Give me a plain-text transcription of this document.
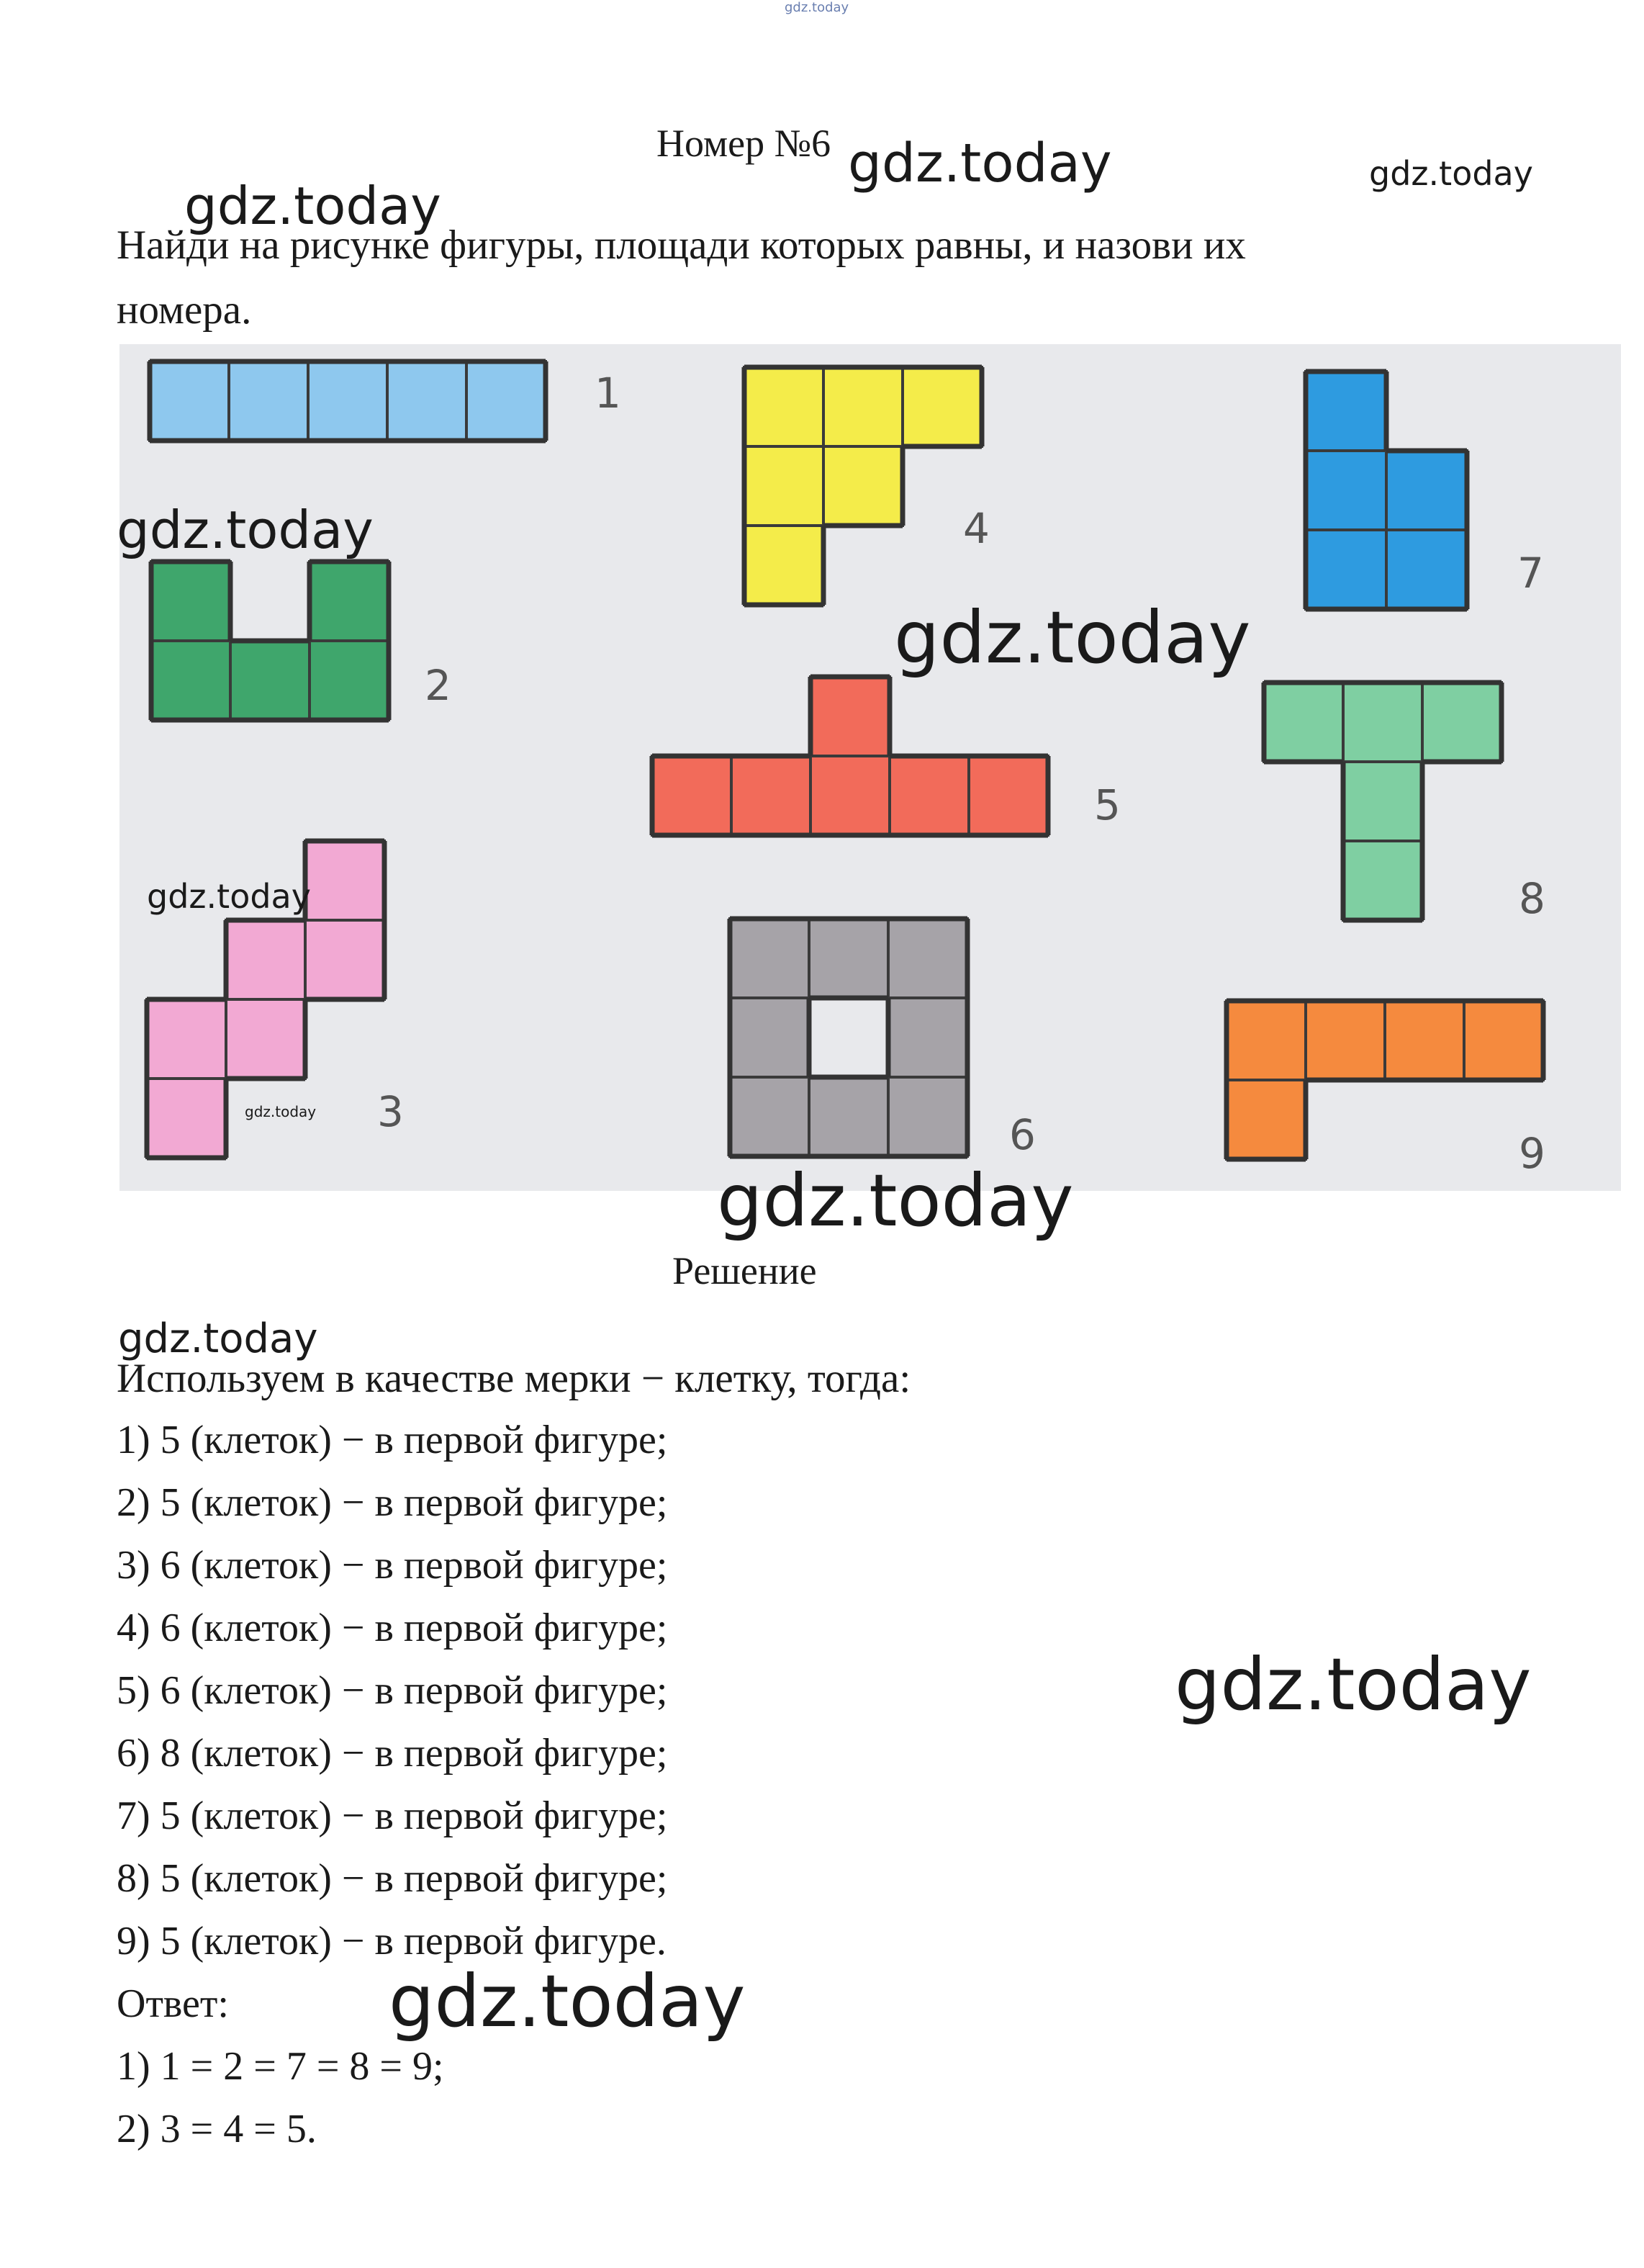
gdz.today
Номер №6
Найди на рисунке фигуры, площади которых равны, и назови их
номера.
1
2
3
4
5
6
7
8
9
Решение
Используем в качестве мерки − клетку, тогда:
1) 5 (клеток) − в первой фигуре;
2) 5 (клеток) − в первой фигуре;
3) 6 (клеток) − в первой фигуре;
4) 6 (клеток) − в первой фигуре;
5) 6 (клеток) − в первой фигуре;
6) 8 (клеток) − в первой фигуре;
7) 5 (клеток) − в первой фигуре;
8) 5 (клеток) − в первой фигуре;
9) 5 (клеток) − в первой фигуре.
Ответ:
1) 1 = 2 = 7 = 8 = 9;
2) 3 = 4 = 5.
gdz.today	gdz.today
gdz.today
gdz.today
gdz.today
gdz.today
gdz.today
gdz.today
gdz.today
gdz.today
gdz.today
